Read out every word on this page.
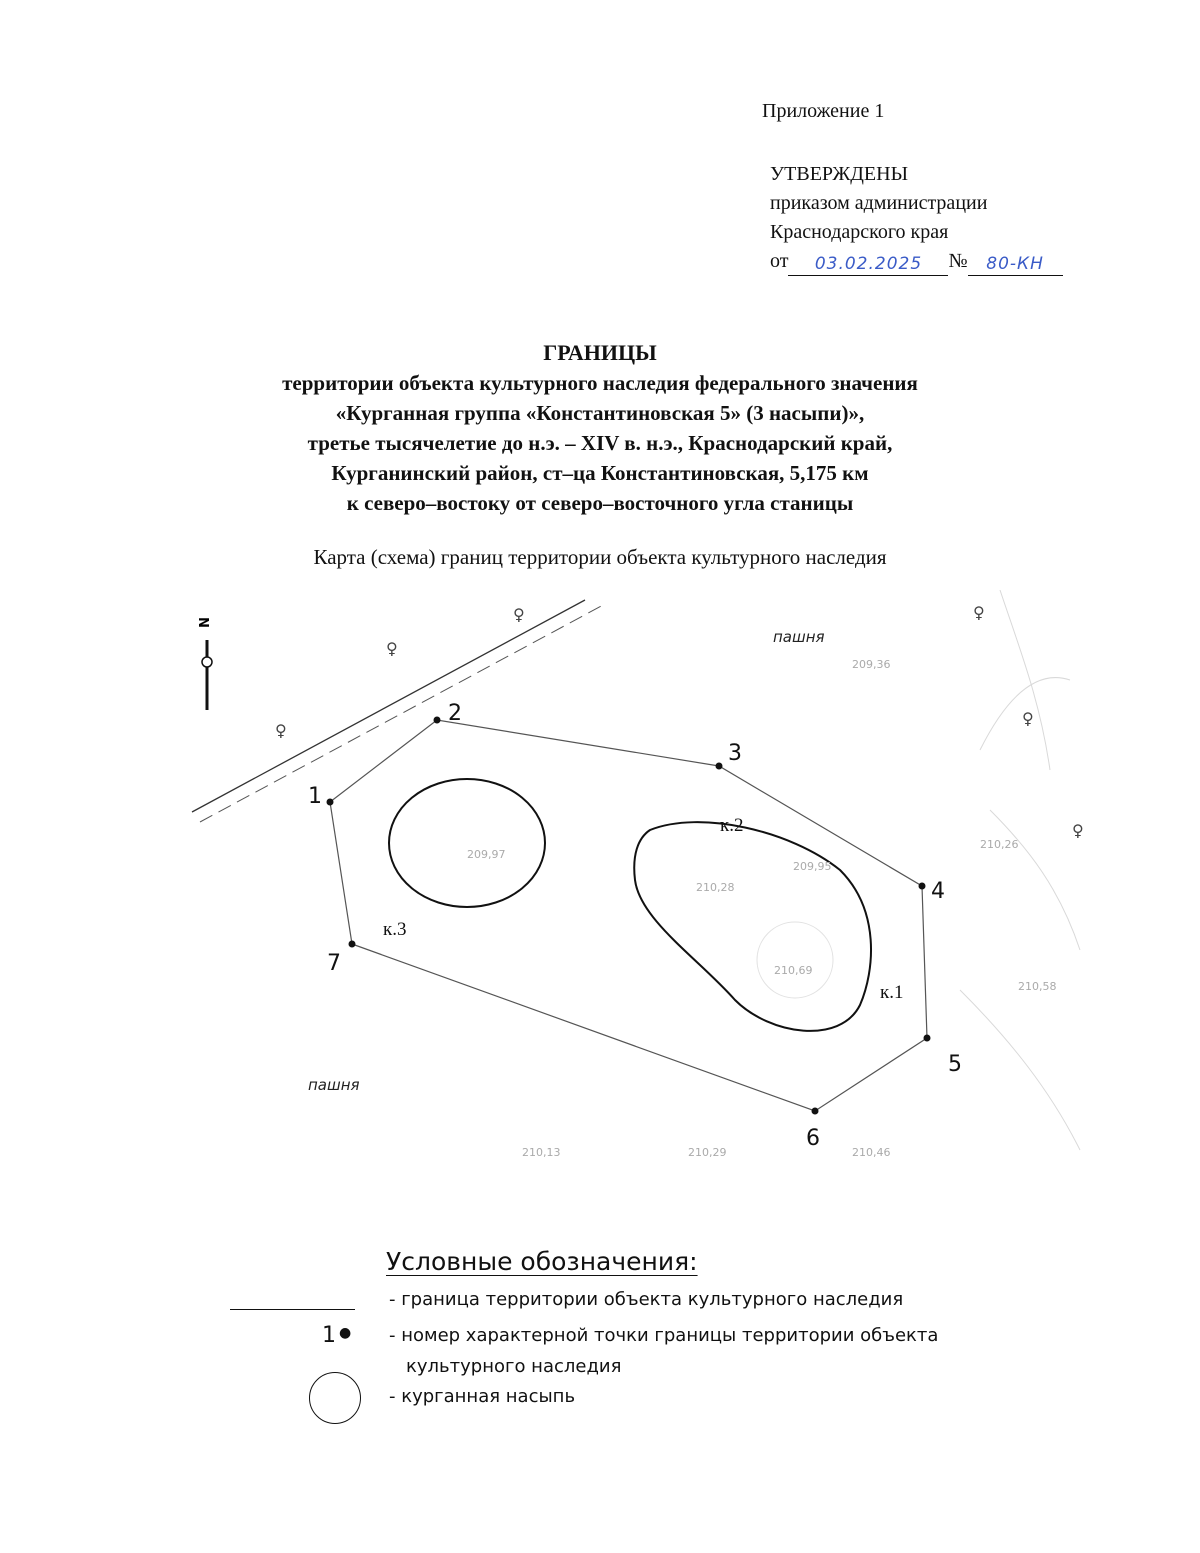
Приложение 1
УТВЕРЖДЕНЫ
приказом администрации
Краснодарского края
от 03.02.2025 № 80-КН
ГРАНИЦЫ
территории объекта культурного наследия федерального значения
«Курганная группа «Константиновская 5» (3 насыпи)»,
третье тысячелетие до н.э. – XIV в. н.э., Краснодарский край,
Курганинский район, ст–ца Константиновская, 5,175 км
к северо–востоку от северо–восточного угла станицы
Карта (схема) границ территории объекта культурного наследия
N	♀
♀
♀
♀
♀
♀
пашня
пашня
209,97
210,28
210,69
209,95
209,36
210,26
210,58
210,46
210,29
210,13
1
2
3
4
5
6
7
к.1
к.2
к.3
Условные обозначения:
- граница территории объекта культурного наследия
1 ● - номер характерной точки границы территории объекта
культурного наследия
- курганная насыпь
